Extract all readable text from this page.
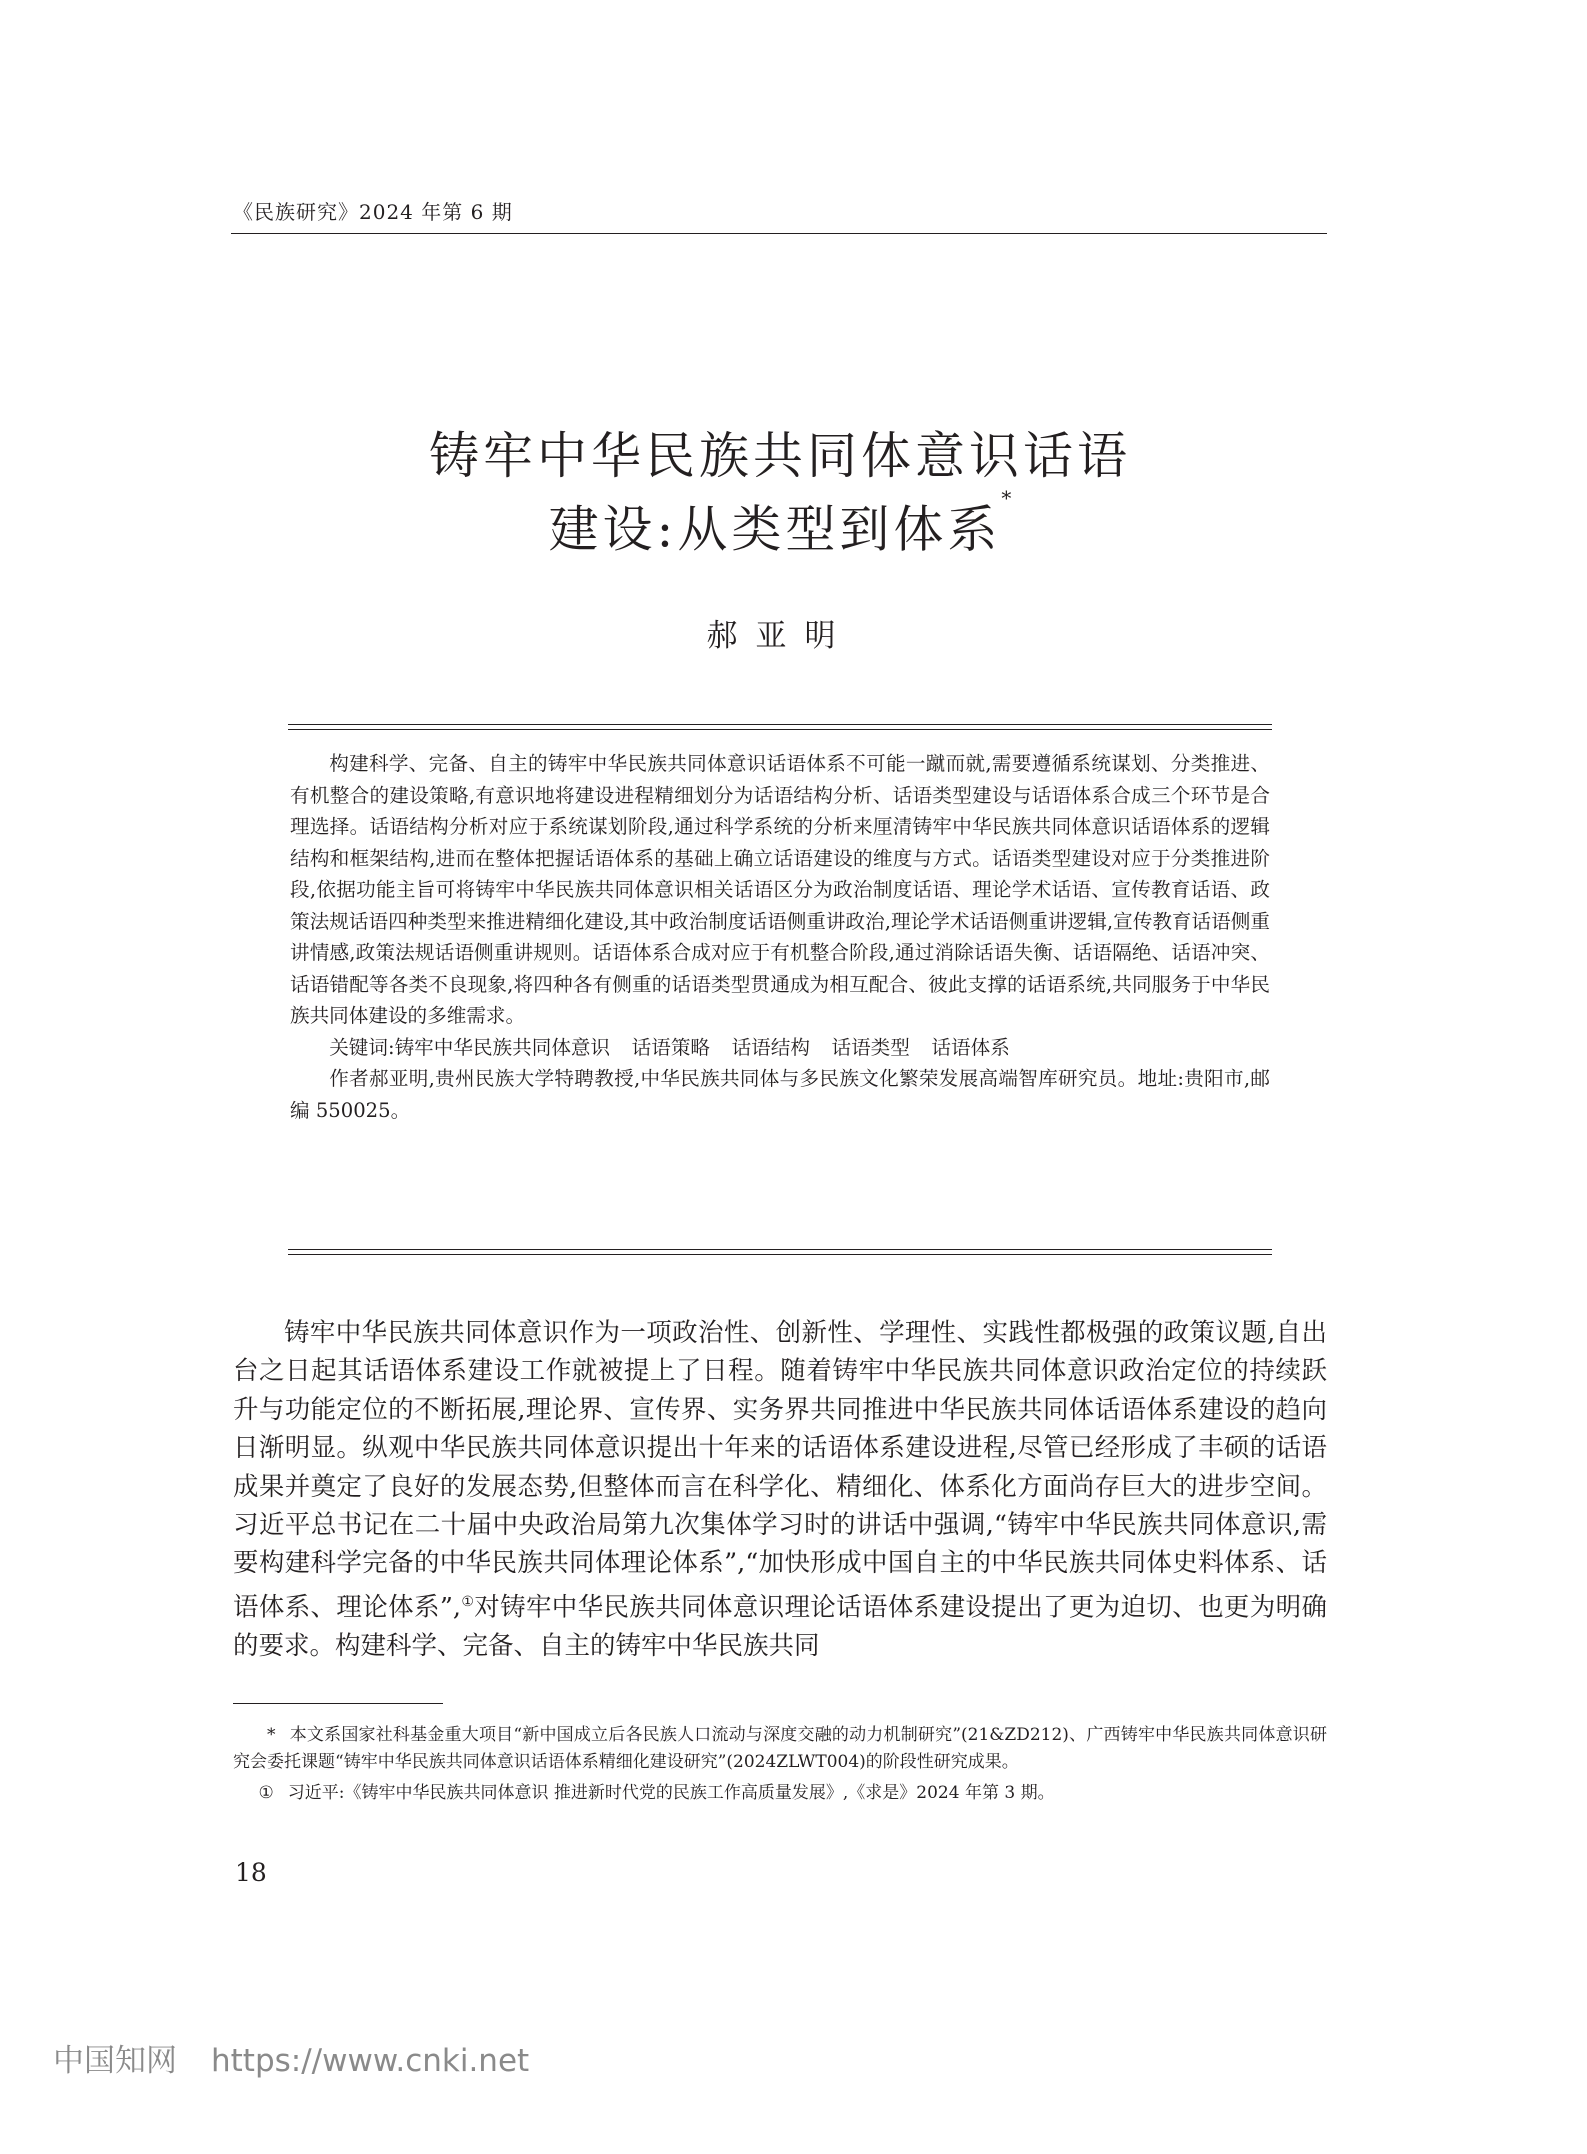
《民族研究》2024 年第 6 期
铸牢中华民族共同体意识话语
建设:从类型到体系*
郝亚明

构建科学、完备、自主的铸牢中华民族共同体意识话语体系不可能一蹴而就,需要遵循系统谋划、分类推进、有机整合的建设策略,有意识地将建设进程精细划分为话语结构分析、话语类型建设与话语体系合成三个环节是合理选择。话语结构分析对应于系统谋划阶段,通过科学系统的分析来厘清铸牢中华民族共同体意识话语体系的逻辑结构和框架结构,进而在整体把握话语体系的基础上确立话语建设的维度与方式。话语类型建设对应于分类推进阶段,依据功能主旨可将铸牢中华民族共同体意识相关话语区分为政治制度话语、理论学术话语、宣传教育话语、政策法规话语四种类型来推进精细化建设,其中政治制度话语侧重讲政治,理论学术话语侧重讲逻辑,宣传教育话语侧重讲情感,政策法规话语侧重讲规则。话语体系合成对应于有机整合阶段,通过消除话语失衡、话语隔绝、话语冲突、话语错配等各类不良现象,将四种各有侧重的话语类型贯通成为相互配合、彼此支撑的话语系统,共同服务于中华民族共同体建设的多维需求。

关键词:铸牢中华民族共同体意识 话语策略 话语结构 话语类型 话语体系

作者郝亚明,贵州民族大学特聘教授,中华民族共同体与多民族文化繁荣发展高端智库研究员。地址:贵阳市,邮编 550025。

铸牢中华民族共同体意识作为一项政治性、创新性、学理性、实践性都极强的政策议题,自出台之日起其话语体系建设工作就被提上了日程。随着铸牢中华民族共同体意识政治定位的持续跃升与功能定位的不断拓展,理论界、宣传界、实务界共同推进中华民族共同体话语体系建设的趋向日渐明显。纵观中华民族共同体意识提出十年来的话语体系建设进程,尽管已经形成了丰硕的话语成果并奠定了良好的发展态势,但整体而言在科学化、精细化、体系化方面尚存巨大的进步空间。习近平总书记在二十届中央政治局第九次集体学习时的讲话中强调,“铸牢中华民族共同体意识,需要构建科学完备的中华民族共同体理论体系”,“加快形成中国自主的中华民族共同体史料体系、话语体系、理论体系”,①对铸牢中华民族共同体意识理论话语体系建设提出了更为迫切、也更为明确的要求。构建科学、完备、自主的铸牢中华民族共同

* 本文系国家社科基金重大项目“新中国成立后各民族人口流动与深度交融的动力机制研究”(21&ZD212)、广西铸牢中华民族共同体意识研究会委托课题“铸牢中华民族共同体意识话语体系精细化建设研究”(2024ZLWT004)的阶段性研究成果。

① 习近平:《铸牢中华民族共同体意识 推进新时代党的民族工作高质量发展》,《求是》2024 年第 3 期。

18
中国知网 https://www.cnki.net
